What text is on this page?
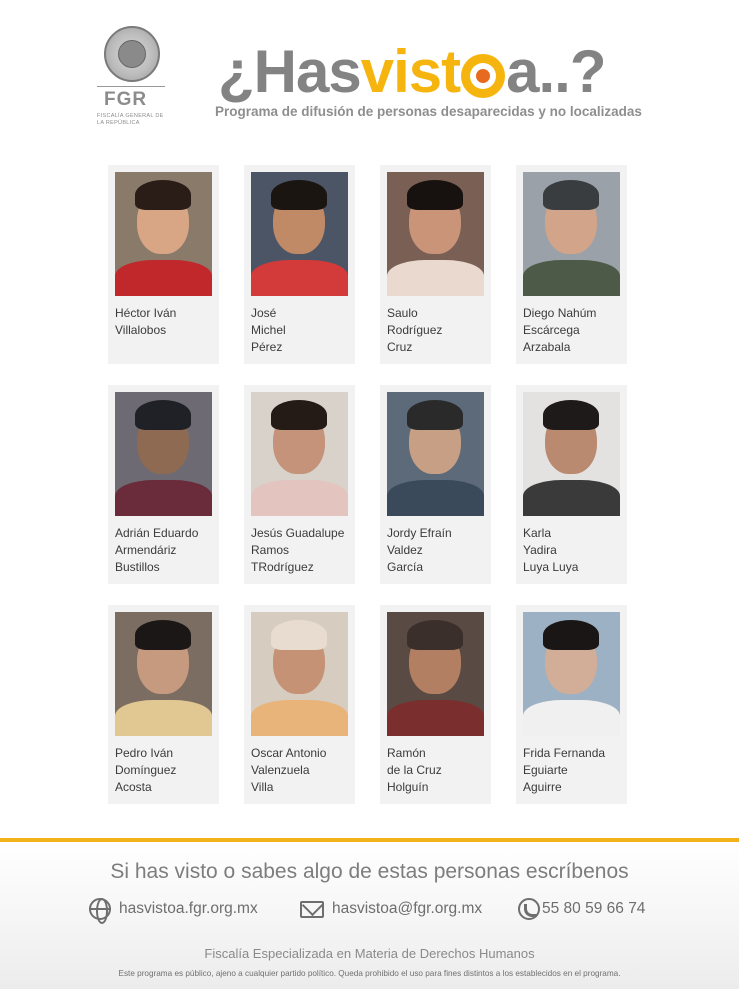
FGR
FISCALÍA GENERAL DE LA REPÚBLICA
¿Hasvist a..?
Programa de difusión de personas desaparecidas y no localizadas
Héctor Iván
Villalobos
José
Michel
Pérez
Saulo
Rodríguez
Cruz
Diego Nahúm
Escárcega
Arzabala
Adrián Eduardo
Armendáriz
Bustillos
Jesús Guadalupe
Ramos
TRodríguez
Jordy Efraín
Valdez
García
Karla
Yadira
Luya Luya
Pedro Iván
Domínguez
Acosta
Oscar Antonio
Valenzuela
Villa
Ramón
de la Cruz
Holguín
Frida Fernanda
Eguiarte
Aguirre
Si has visto o sabes algo de estas personas escríbenos
hasvistoa.fgr.org.mx	hasvistoa@fgr.org.mx	55 80 59 66 74
Fiscalía Especializada en Materia de Derechos Humanos
Este programa es público, ajeno a cualquier partido político. Queda prohibido el uso para fines distintos a los establecidos en el programa.
